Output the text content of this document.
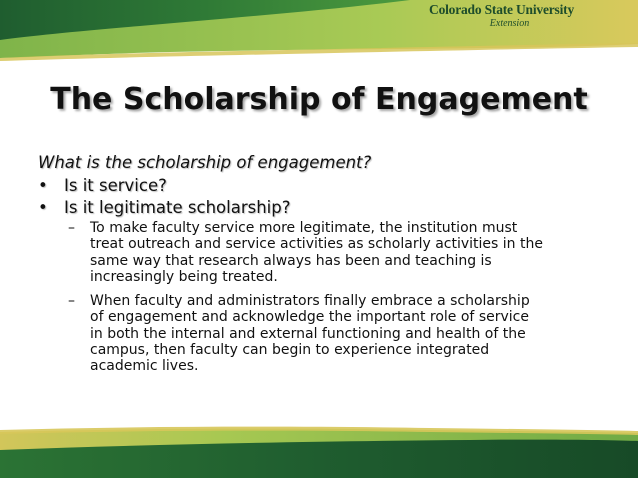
Colorado State University
Extension
The Scholarship of Engagement

What is the scholarship of engagement?

• Is it service?

• Is it legitimate scholarship?

– To make faculty service more legitimate, the institution must
treat outreach and service activities as scholarly activities in the
same way that research always has been and teaching is
increasingly being treated.
– When faculty and administrators finally embrace a scholarship
of engagement and acknowledge the important role of service
in both the internal and external functioning and health of the
campus, then faculty can begin to experience integrated
academic lives.
